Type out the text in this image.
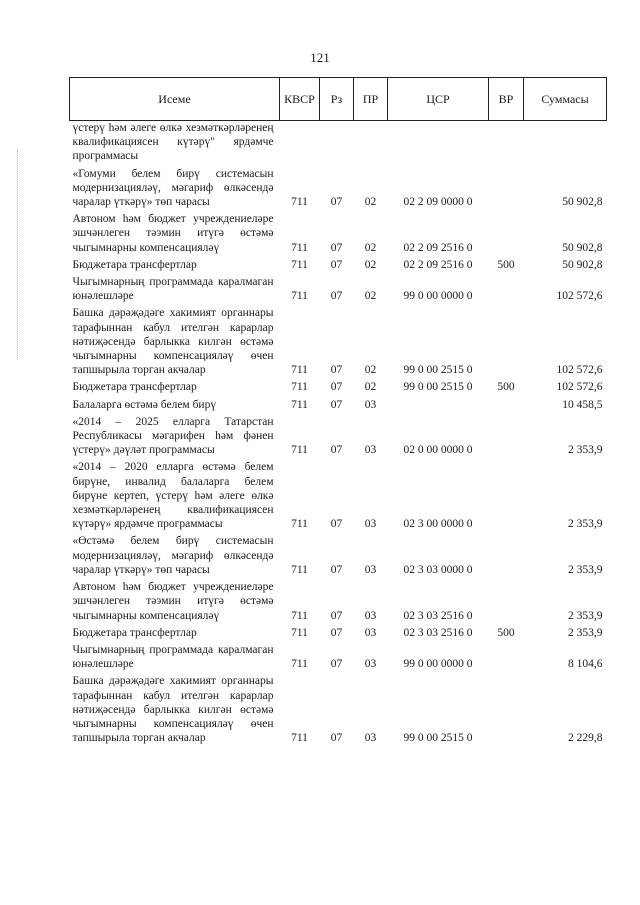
121
Исеме	КВСР	Рз	ПР	ЦСР	ВР	Суммасы
үстерү һәм әлеге өлкә хезмәткәрләренең квалификациясен күтәрү" ярдәмче программасы						
«Гомуми белем бирү системасын модернизацияләү, мәгариф өлкәсендә чаралар үткәрү» төп чарасы	711	07	02	02 2 09 0000 0		50 902,8
Автоном һәм бюджет учреждениеләре эшчәнлеген тәэмин итүгә өстәмә чыгымнарны компенсацияләү	711	07	02	02 2 09 2516 0		50 902,8
Бюджетара трансфертлар	711	07	02	02 2 09 2516 0	500	50 902,8
Чыгымнарның программада каралмаган юнәлешләре	711	07	02	99 0 00 0000 0		102 572,6
Башка дәрәҗәдәге хакимият органнары тарафыннан кабул ителгән карарлар нәтиҗәсендә барлыкка килгән өстәмә чыгымнарны компенсацияләү өчен тапшырыла торган акчалар	711	07	02	99 0 00 2515 0		102 572,6
Бюджетара трансфертлар	711	07	02	99 0 00 2515 0	500	102 572,6
Балаларга өстәмә белем бирү	711	07	03			10 458,5
«2014 – 2025 елларга Татарстан Республикасы мәгарифен һәм фәнен үстерү» дәүләт программасы	711	07	03	02 0 00 0000 0		2 353,9
«2014 – 2020 елларга өстәмә белем бирүне, инвалид балаларга белем бирүне кертеп, үстерү һәм әлеге өлкә хезмәткәрләренең квалификациясен күтәрү» ярдәмче программасы	711	07	03	02 3 00 0000 0		2 353,9
«Өстәмә белем бирү системасын модернизацияләү, мәгариф өлкәсендә чаралар үткәрү» төп чарасы	711	07	03	02 3 03 0000 0		2 353,9
Автоном һәм бюджет учреждениеләре эшчәнлеген тәэмин итүгә өстәмә чыгымнарны компенсацияләү	711	07	03	02 3 03 2516 0		2 353,9
Бюджетара трансфертлар	711	07	03	02 3 03 2516 0	500	2 353,9
Чыгымнарның программада каралмаган юнәлешләре	711	07	03	99 0 00 0000 0		8 104,6
Башка дәрәҗәдәге хакимият органнары тарафыннан кабул ителгән карарлар нәтиҗәсендә барлыкка килгән өстәмә чыгымнарны компенсацияләү өчен тапшырыла торган акчалар	711	07	03	99 0 00 2515 0		2 229,8
